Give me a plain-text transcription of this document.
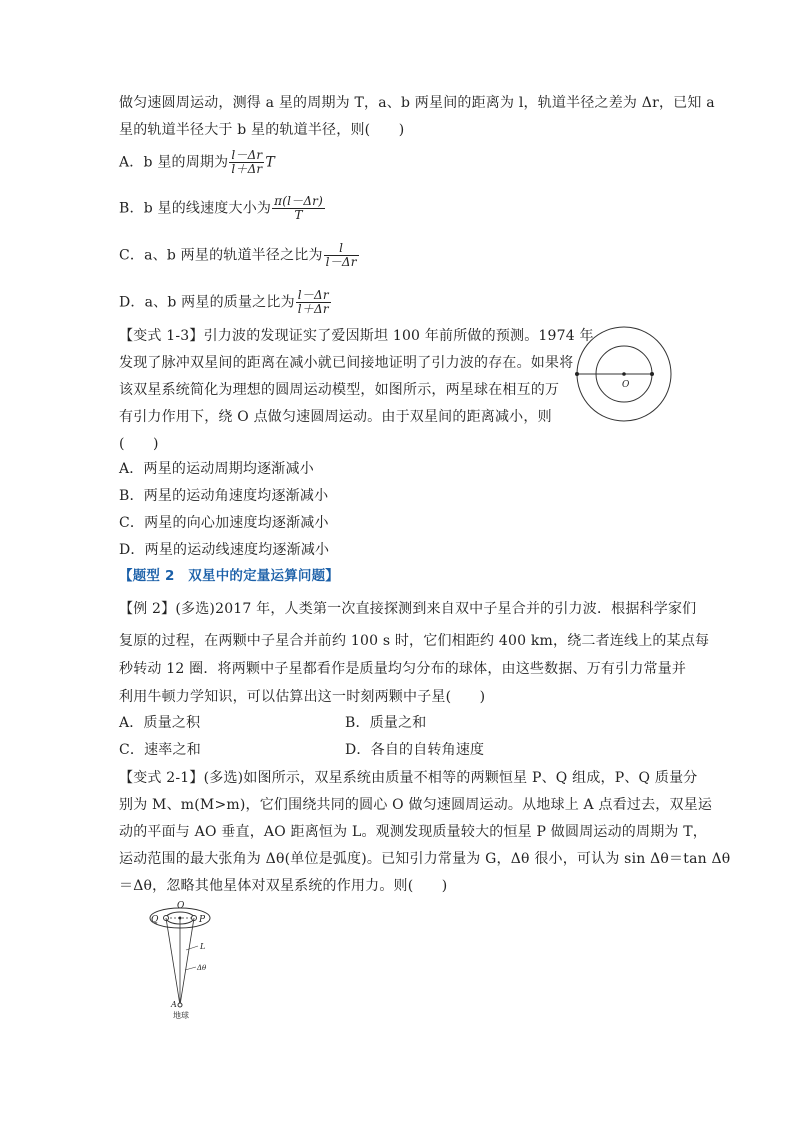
做匀速圆周运动，测得 a 星的周期为 T，a、b 两星间的距离为 l，轨道半径之差为 Δr，已知 a
星的轨道半径大于 b 星的轨道半径，则(　　)
A．b 星的周期为 $\frac{l-\Delta r}{l+\Delta r}$ T
B．b 星的线速度大小为 $\frac{\pi(l-\Delta r)}{T}$
C．a、b 两星的轨道半径之比为 $\frac{l}{l-\Delta r}$
D．a、b 两星的质量之比为 $\frac{l-\Delta r}{l+\Delta r}$
【变式 1-3】引力波的发现证实了爱因斯坦 100 年前所做的预测。1974 年
发现了脉冲双星间的距离在减小就已间接地证明了引力波的存在。如果将
该双星系统简化为理想的圆周运动模型，如图所示，两星球在相互的万
有引力作用下，绕 O 点做匀速圆周运动。由于双星间的距离减小，则
(　　)
A．两星的运动周期均逐渐减小
B．两星的运动角速度均逐渐减小
C．两星的向心加速度均逐渐减小
D．两星的运动线速度均逐渐减小
O
【题型 2　双星中的定量运算问题】
【例 2】(多选)2017 年，人类第一次直接探测到来自双中子星合并的引力波．根据科学家们
复原的过程，在两颗中子星合并前约 100 s 时，它们相距约 400 km，绕二者连线上的某点每
秒转动 12 圈．将两颗中子星都看作是质量均匀分布的球体，由这些数据、万有引力常量并
利用牛顿力学知识，可以估算出这一时刻两颗中子星(　　)
A．质量之积	B．质量之和
C．速率之和	D．各自的自转角速度
【变式 2-1】(多选)如图所示，双星系统由质量不相等的两颗恒星 P、Q 组成，P、Q 质量分
别为 M、m(M>m)，它们围绕共同的圆心 O 做匀速圆周运动。从地球上 A 点看过去，双星运
动的平面与 AO 垂直，AO 距离恒为 L。观测发现质量较大的恒星 P 做圆周运动的周期为 T，
运动范围的最大张角为 Δθ(单位是弧度)。已知引力常量为 G，Δθ 很小，可认为 sin Δθ＝tan Δθ
＝Δθ，忽略其他星体对双星系统的作用力。则(　　)
Q
O
P
L
Δθ
A
地球
